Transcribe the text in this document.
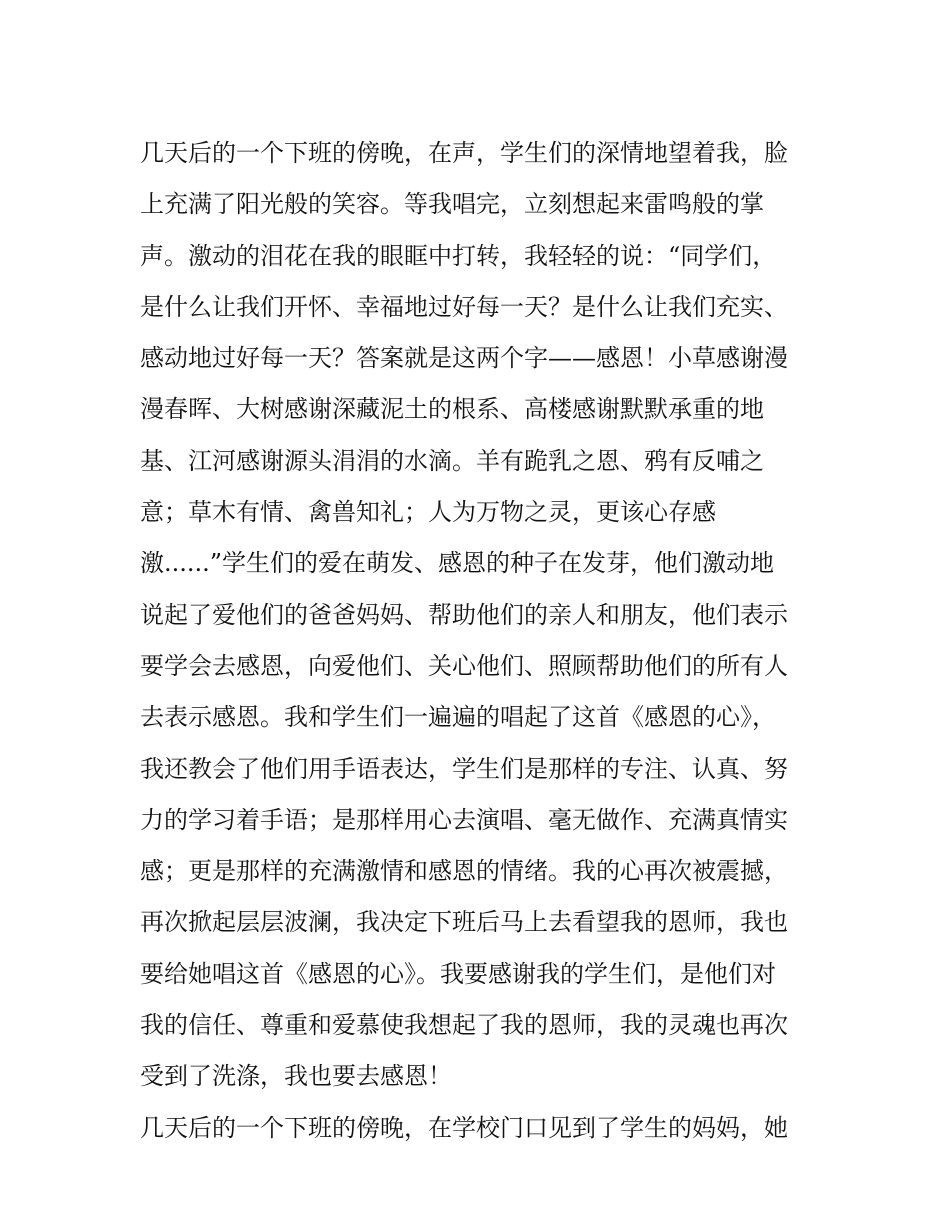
几天后的一个下班的傍晚，在声，学生们的深情地望着我，脸
上充满了阳光般的笑容。等我唱完，立刻想起来雷鸣般的掌
声。激动的泪花在我的眼眶中打转，我轻轻的说：“同学们，
是什么让我们开怀、幸福地过好每一天？是什么让我们充实、
感动地过好每一天？答案就是这两个字——感恩！小草感谢漫
漫春晖、大树感谢深藏泥土的根系、高楼感谢默默承重的地
基、江河感谢源头涓涓的水滴。羊有跪乳之恩、鸦有反哺之
意；草木有情、禽兽知礼；人为万物之灵，更该心存感
激......”学生们的爱在萌发、感恩的种子在发芽，他们激动地
说起了爱他们的爸爸妈妈、帮助他们的亲人和朋友，他们表示
要学会去感恩，向爱他们、关心他们、照顾帮助他们的所有人
去表示感恩。我和学生们一遍遍的唱起了这首《感恩的心》，
我还教会了他们用手语表达，学生们是那样的专注、认真、努
力的学习着手语；是那样用心去演唱、毫无做作、充满真情实
感；更是那样的充满激情和感恩的情绪。我的心再次被震撼，
再次掀起层层波澜，我决定下班后马上去看望我的恩师，我也
要给她唱这首《感恩的心》。我要感谢我的学生们，是他们对
我的信任、尊重和爱慕使我想起了我的恩师，我的灵魂也再次
受到了洗涤，我也要去感恩！
几天后的一个下班的傍晚，在学校门口见到了学生的妈妈，她
